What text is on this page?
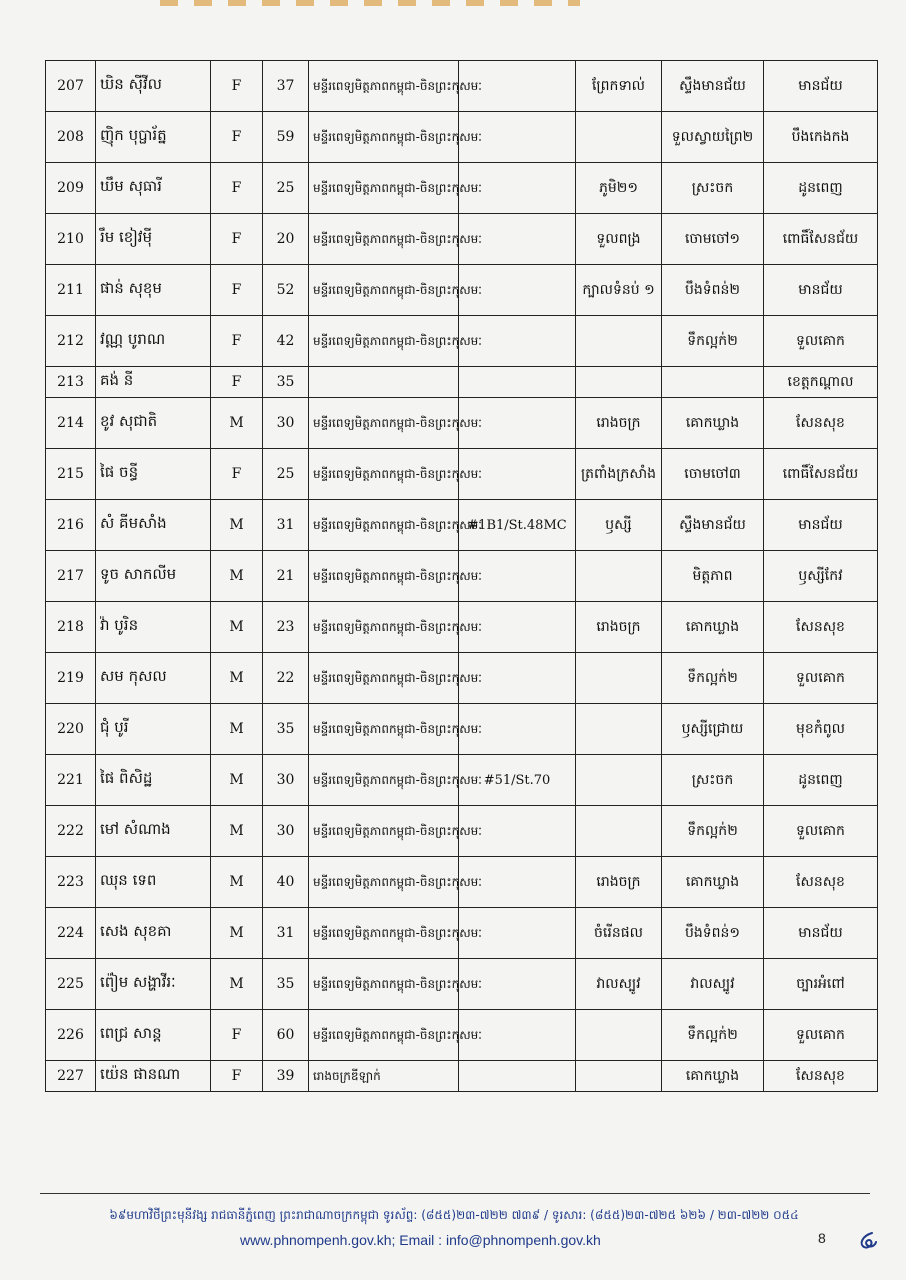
207	ឃិន ស៊ីវីល	F	37	មន្ទីរពេទ្យមិត្តភាពកម្ពុជា-ចិនព្រះកុសមៈ		ព្រែកទាល់	ស្ទឹងមានជ័យ	មានជ័យ
208	ញ៉ិក បុប្ផារ័ត្ន	F	59	មន្ទីរពេទ្យមិត្តភាពកម្ពុជា-ចិនព្រះកុសមៈ			ទួលស្វាយព្រៃ២	បឹងកេងកង
209	ឃឹម សុធារី	F	25	មន្ទីរពេទ្យមិត្តភាពកម្ពុជា-ចិនព្រះកុសមៈ		ភូមិ២១	ស្រះចក	ដូនពេញ
210	រឹម ខៀវម៉ី	F	20	មន្ទីរពេទ្យមិត្តភាពកម្ពុជា-ចិនព្រះកុសមៈ		ទួលពង្រ	ចោមចៅ១	ពោធិ៍សែនជ័យ
211	ផាន់ សុខុម	F	52	មន្ទីរពេទ្យមិត្តភាពកម្ពុជា-ចិនព្រះកុសមៈ		ក្បាលទំនប់ ១	បឹងទំពន់២	មានជ័យ
212	វណ្ណ បូរាណ	F	42	មន្ទីរពេទ្យមិត្តភាពកម្ពុជា-ចិនព្រះកុសមៈ			ទឹកល្អក់២	ទួលគោក
213	គង់ នី	F	35					ខេត្តកណ្តាល
214	ខូវ សុជាតិ	M	30	មន្ទីរពេទ្យមិត្តភាពកម្ពុជា-ចិនព្រះកុសមៈ		រោងចក្រ	គោកឃ្លាង	សែនសុខ
215	ផៃ ចន្ធី	F	25	មន្ទីរពេទ្យមិត្តភាពកម្ពុជា-ចិនព្រះកុសមៈ		ត្រពាំងក្រសាំង	ចោមចៅ៣	ពោធិ៍សែនជ័យ
216	សំ គីមសាំង	M	31	មន្ទីរពេទ្យមិត្តភាពកម្ពុជា-ចិនព្រះកុសមៈ	#1B1/St.48MC	ឫស្សី	ស្ទឹងមានជ័យ	មានជ័យ
217	ទូច សាកលីម	M	21	មន្ទីរពេទ្យមិត្តភាពកម្ពុជា-ចិនព្រះកុសមៈ			មិត្តភាព	ឫស្សីកែវ
218	វ៉ា បូរិន	M	23	មន្ទីរពេទ្យមិត្តភាពកម្ពុជា-ចិនព្រះកុសមៈ		រោងចក្រ	គោកឃ្លាង	សែនសុខ
219	សម កុសល	M	22	មន្ទីរពេទ្យមិត្តភាពកម្ពុជា-ចិនព្រះកុសមៈ			ទឹកល្អក់២	ទួលគោក
220	ជុំ បូរី	M	35	មន្ទីរពេទ្យមិត្តភាពកម្ពុជា-ចិនព្រះកុសមៈ			ឫស្សីជ្រោយ	មុខកំពូល
221	ផៃ ពិសិដ្ឋ	M	30	មន្ទីរពេទ្យមិត្តភាពកម្ពុជា-ចិនព្រះកុសមៈ	#51/St.70		ស្រះចក	ដូនពេញ
222	មៅ សំណាង	M	30	មន្ទីរពេទ្យមិត្តភាពកម្ពុជា-ចិនព្រះកុសមៈ			ទឹកល្អក់២	ទួលគោក
223	ឈុន ទេព	M	40	មន្ទីរពេទ្យមិត្តភាពកម្ពុជា-ចិនព្រះកុសមៈ		រោងចក្រ	គោកឃ្លាង	សែនសុខ
224	សេង សុខគា	M	31	មន្ទីរពេទ្យមិត្តភាពកម្ពុជា-ចិនព្រះកុសមៈ		ចំរើនផល	បឹងទំពន់១	មានជ័យ
225	ព៉ៀម សង្ហាវីរៈ	M	35	មន្ទីរពេទ្យមិត្តភាពកម្ពុជា-ចិនព្រះកុសមៈ		វាលស្បូវ	វាលស្បូវ	ច្បារអំពៅ
226	ពេជ្រ សាន្ត	F	60	មន្ទីរពេទ្យមិត្តភាពកម្ពុជា-ចិនព្រះកុសមៈ			ទឹកល្អក់២	ទួលគោក
227	យ៉េន ផានណា	F	39	រោងចក្រឌីឡាក់			គោកឃ្លាង	សែនសុខ
៦៩មហាវិថីព្រះមុនីវង្ស រាជធានីភ្នំពេញ ព្រះរាជាណាចក្រកម្ពុជា ទូរស័ព្ទ: (៨៥៥)២៣-៧២២ ៧៣៩ / ទូរសារ: (៨៥៥)២៣-៧២៥ ៦២៦ / ២៣-៧២២ ០៥៤
www.phnompenh.gov.kh; Email : info@phnompenh.gov.kh	8
